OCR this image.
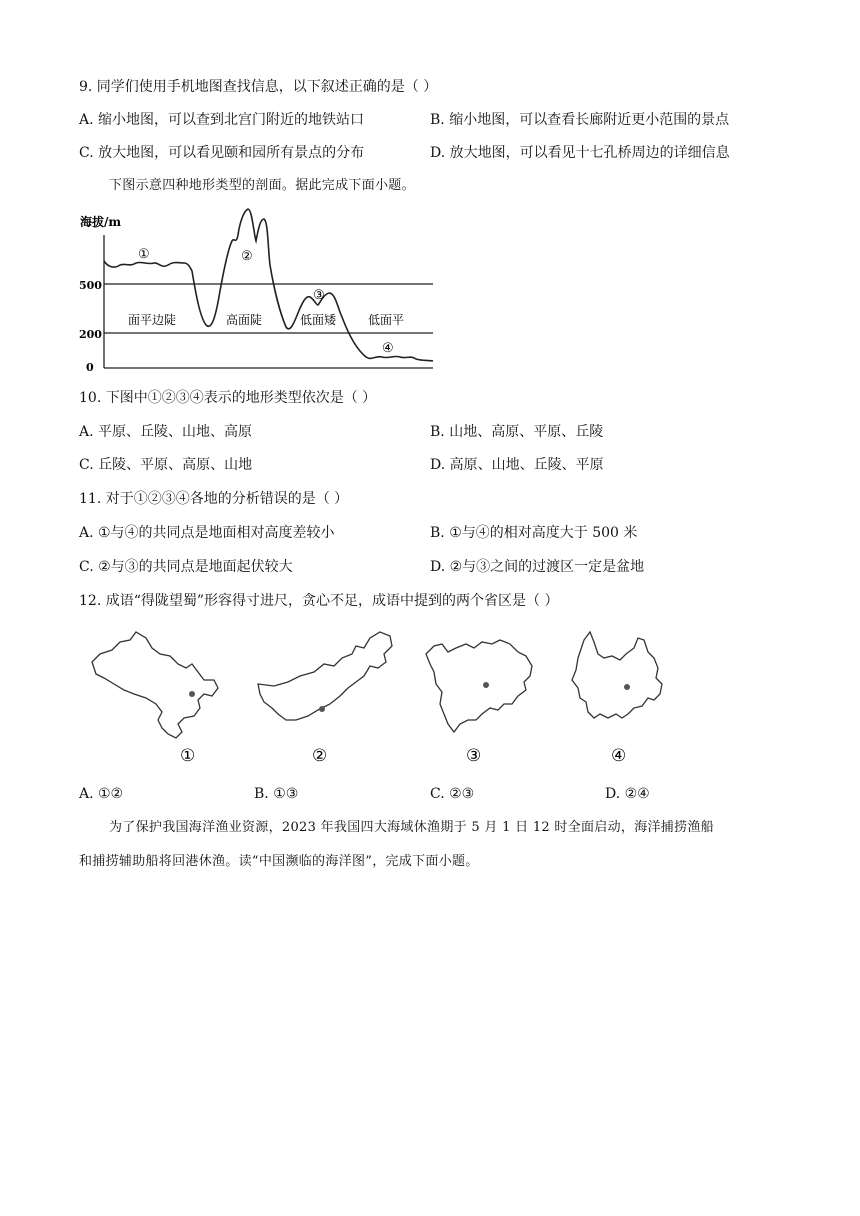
9. 同学们使用手机地图查找信息，以下叙述正确的是（ ）
A. 缩小地图，可以查到北宫门附近的地铁站口	B. 缩小地图，可以查看长廊附近更小范围的景点
C. 放大地图，可以看见颐和园所有景点的分布	D. 放大地图，可以看见十七孔桥周边的详细信息
下图示意四种地形类型的剖面。据此完成下面小题。
海拔/m
500
200
0
①	②
③
④
面平边陡	高面陡	低面矮	低面平
10. 下图中①②③④表示的地形类型依次是（ ）
A. 平原、丘陵、山地、高原	B. 山地、高原、平原、丘陵
C. 丘陵、平原、高原、山地	D. 高原、山地、丘陵、平原
11. 对于①②③④各地的分析错误的是（ ）
A. ①与④的共同点是地面相对高度差较小	B. ①与④的相对高度大于 500 米
C. ②与③的共同点是地面起伏较大	D. ②与③之间的过渡区一定是盆地
12. 成语“得陇望蜀”形容得寸进尺，贪心不足，成语中提到的两个省区是（ ）
①	②	③	④
A. ①②	B. ①③	C. ②③	D. ②④
为了保护我国海洋渔业资源，2023 年我国四大海域休渔期于 5 月 1 日 12 时全面启动，海洋捕捞渔船
和捕捞辅助船将回港休渔。读“中国濒临的海洋图”，完成下面小题。
